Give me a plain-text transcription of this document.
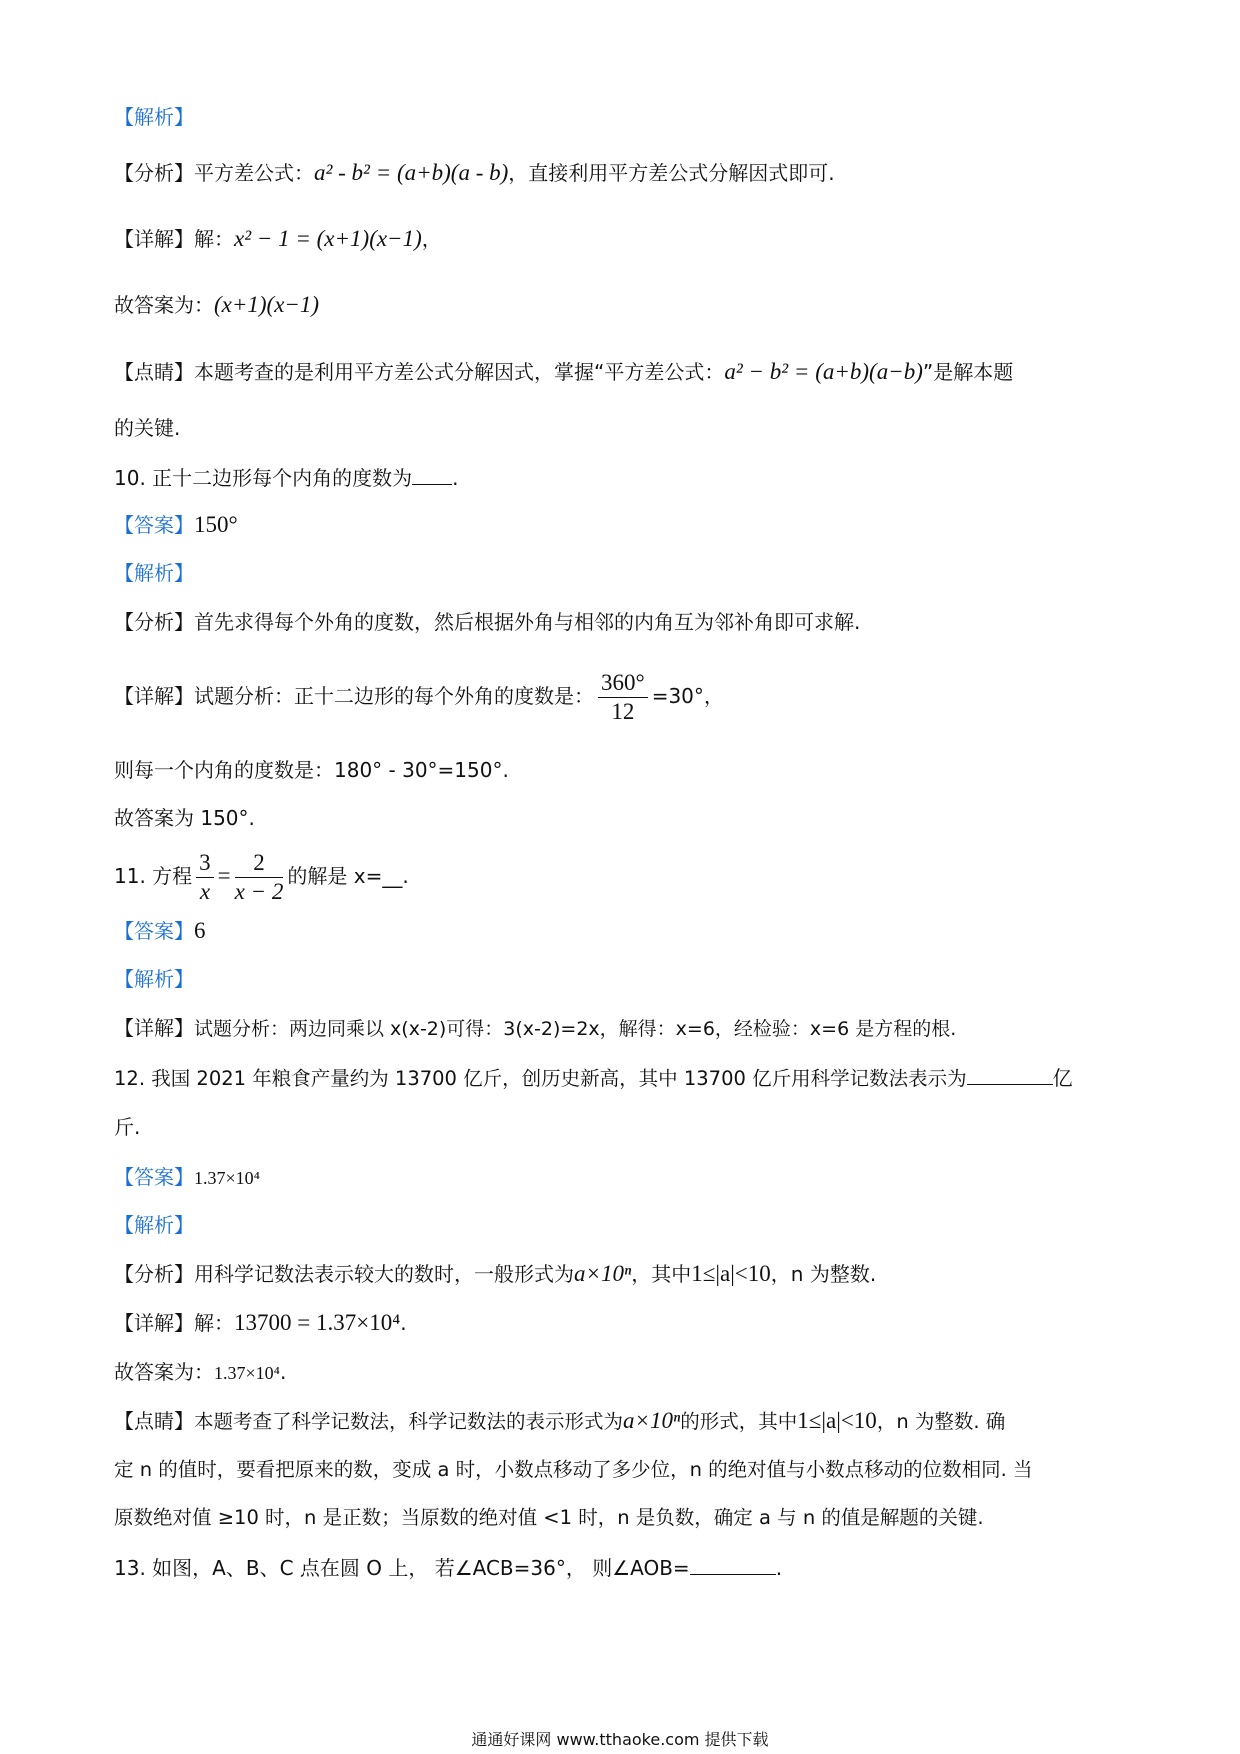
【解析】
【分析】平方差公式：a² - b² = (a+b)(a - b)，直接利用平方差公式分解因式即可.
【详解】解：x² − 1 = (x+1)(x−1)，
故答案为：(x+1)(x−1)
【点睛】本题考查的是利用平方差公式分解因式，掌握“平方差公式：a² − b² = (a+b)(a−b)”是解本题
的关键.
10. 正十二边形每个内角的度数为 .
【答案】150°
【解析】
【分析】首先求得每个外角的度数，然后根据外角与相邻的内角互为邻补角即可求解.
【详解】试题分析：正十二边形的每个外角的度数是： $\frac{360^\circ}{12} =30^\circ$，
则每一个内角的度数是：180° - 30°=150°.
故答案为 150°.
11. 方程 $\frac{3}{x} = \frac{2}{x - 2}$ 的解是 x=__.
【答案】6
【解析】
【详解】试题分析：两边同乘以 x(x-2)可得：3(x-2)=2x，解得：x=6，经检验：x=6 是方程的根.
12. 我国 2021 年粮食产量约为 13700 亿斤，创历史新高，其中 13700 亿斤用科学记数法表示为	亿
斤.
【答案】1.37×10⁴
【解析】
【分析】用科学记数法表示较大的数时，一般形式为a×10ⁿ，其中1≤|a|<10，n 为整数.
【详解】解：13700 = 1.37×10⁴.
故答案为：1.37×10⁴.
【点睛】本题考查了科学记数法，科学记数法的表示形式为a×10ⁿ的形式，其中1≤|a|<10，n 为整数. 确
定 n 的值时，要看把原来的数，变成 a 时，小数点移动了多少位，n 的绝对值与小数点移动的位数相同. 当
原数绝对值 ≥10 时，n 是正数；当原数的绝对值 <1 时，n 是负数，确定 a 与 n 的值是解题的关键.
13. 如图，A、B、C 点在圆 O 上， 若∠ACB=36°， 则∠AOB=	.
通通好课网 www.tthaoke.com 提供下载
